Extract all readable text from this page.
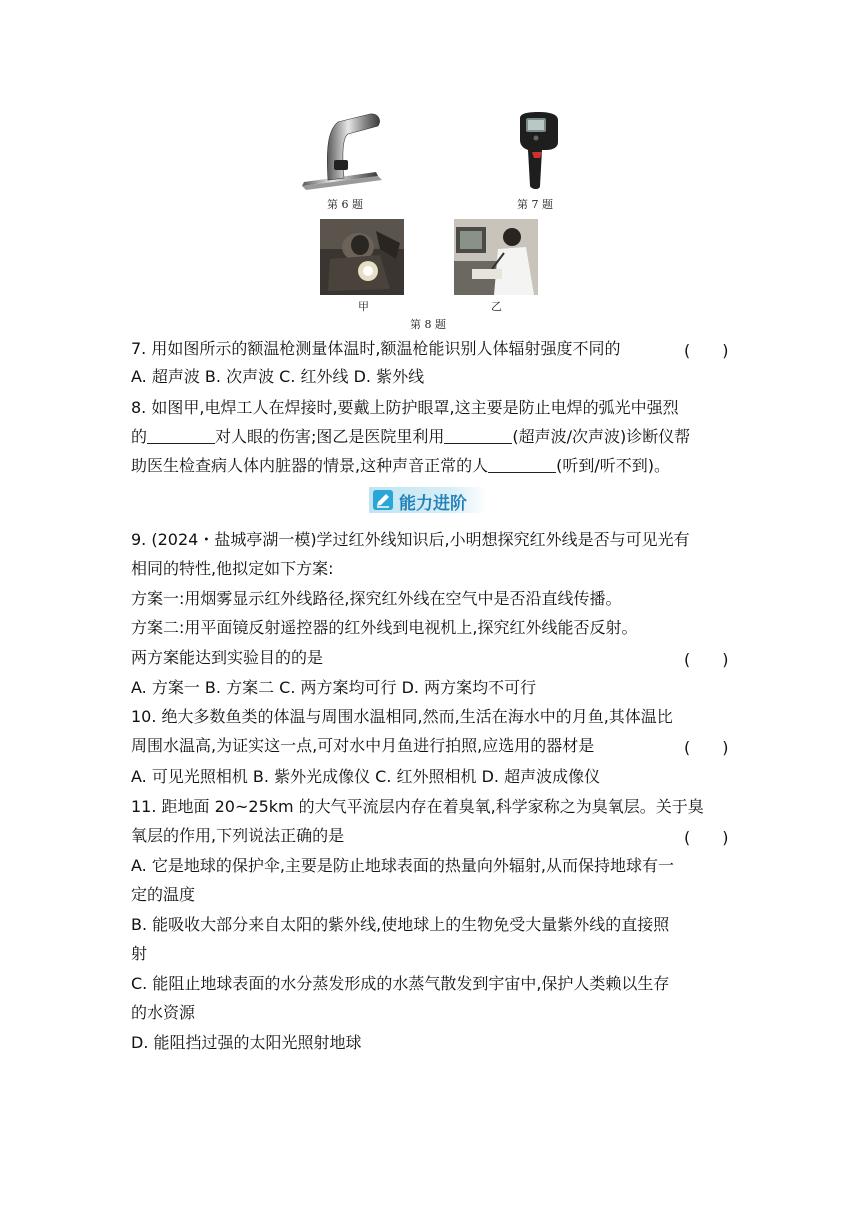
第 6 题	第 7 题
甲	乙
第 8 题
7. 用如图所示的额温枪测量体温时,额温枪能识别人体辐射强度不同的	(　　)
A. 超声波 B. 次声波 C. 红外线 D. 紫外线
8. 如图甲,电焊工人在焊接时,要戴上防护眼罩,这主要是防止电焊的弧光中强烈
的	对人眼的伤害;图乙是医院里利用	(超声波/次声波)诊断仪帮
助医生检查病人体内脏器的情景,这种声音正常的人	(听到/听不到)。
能力进阶
9. (2024・盐城亭湖一模)学过红外线知识后,小明想探究红外线是否与可见光有
相同的特性,他拟定如下方案:
方案一:用烟雾显示红外线路径,探究红外线在空气中是否沿直线传播。
方案二:用平面镜反射遥控器的红外线到电视机上,探究红外线能否反射。
两方案能达到实验目的的是	(　　)
A. 方案一 B. 方案二 C. 两方案均可行 D. 两方案均不可行
10. 绝大多数鱼类的体温与周围水温相同,然而,生活在海水中的月鱼,其体温比
周围水温高,为证实这一点,可对水中月鱼进行拍照,应选用的器材是	(　　)
A. 可见光照相机 B. 紫外光成像仪 C. 红外照相机 D. 超声波成像仪
11. 距地面 20~25km 的大气平流层内存在着臭氧,科学家称之为臭氧层。关于臭
氧层的作用,下列说法正确的是	(　　)
A. 它是地球的保护伞,主要是防止地球表面的热量向外辐射,从而保持地球有一
定的温度
B. 能吸收大部分来自太阳的紫外线,使地球上的生物免受大量紫外线的直接照
射
C. 能阻止地球表面的水分蒸发形成的水蒸气散发到宇宙中,保护人类赖以生存
的水资源
D. 能阻挡过强的太阳光照射地球
